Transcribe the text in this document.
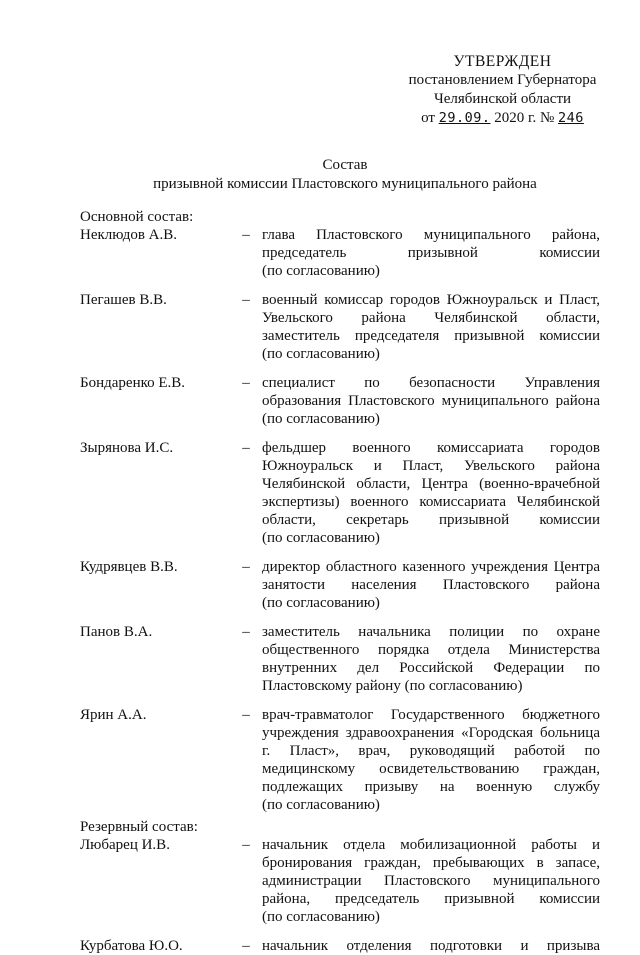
УТВЕРЖДЕН
постановлением Губернатора
Челябинской области
от 29.09. 2020 г. № 246
Состав
призывной комиссии Пластовского муниципального района
Основной состав:
Неклюдов А.В.	– глава Пластовского муниципального района,
председатель призывной комиссии
(по согласованию)
Пегашев В.В.	– военный комиссар городов Южноуральск и Пласт,
Увельского района Челябинской области,
заместитель председателя призывной комиссии
(по согласованию)
Бондаренко Е.В.	– специалист по безопасности Управления
образования Пластовского муниципального района
(по согласованию)
Зырянова И.С.	– фельдшер военного комиссариата городов
Южноуральск и Пласт, Увельского района
Челябинской области, Центра (военно-врачебной
экспертизы) военного комиссариата Челябинской
области, секретарь призывной комиссии
(по согласованию)
Кудрявцев В.В.	– директор областного казенного учреждения Центра
занятости населения Пластовского района
(по согласованию)
Панов В.А.	– заместитель начальника полиции по охране
общественного порядка отдела Министерства
внутренних дел Российской Федерации по
Пластовскому району (по согласованию)
Ярин А.А.	– врач-травматолог Государственного бюджетного
учреждения здравоохранения «Городская больница
г. Пласт», врач, руководящий работой по
медицинскому освидетельствованию граждан,
подлежащих призыву на военную службу
(по согласованию)
Резервный состав:
Любарец И.В.	– начальник отдела мобилизационной работы и
бронирования граждан, пребывающих в запасе,
администрации Пластовского муниципального
района, председатель призывной комиссии
(по согласованию)
Курбатова Ю.О.	– начальник отделения подготовки и призыва
